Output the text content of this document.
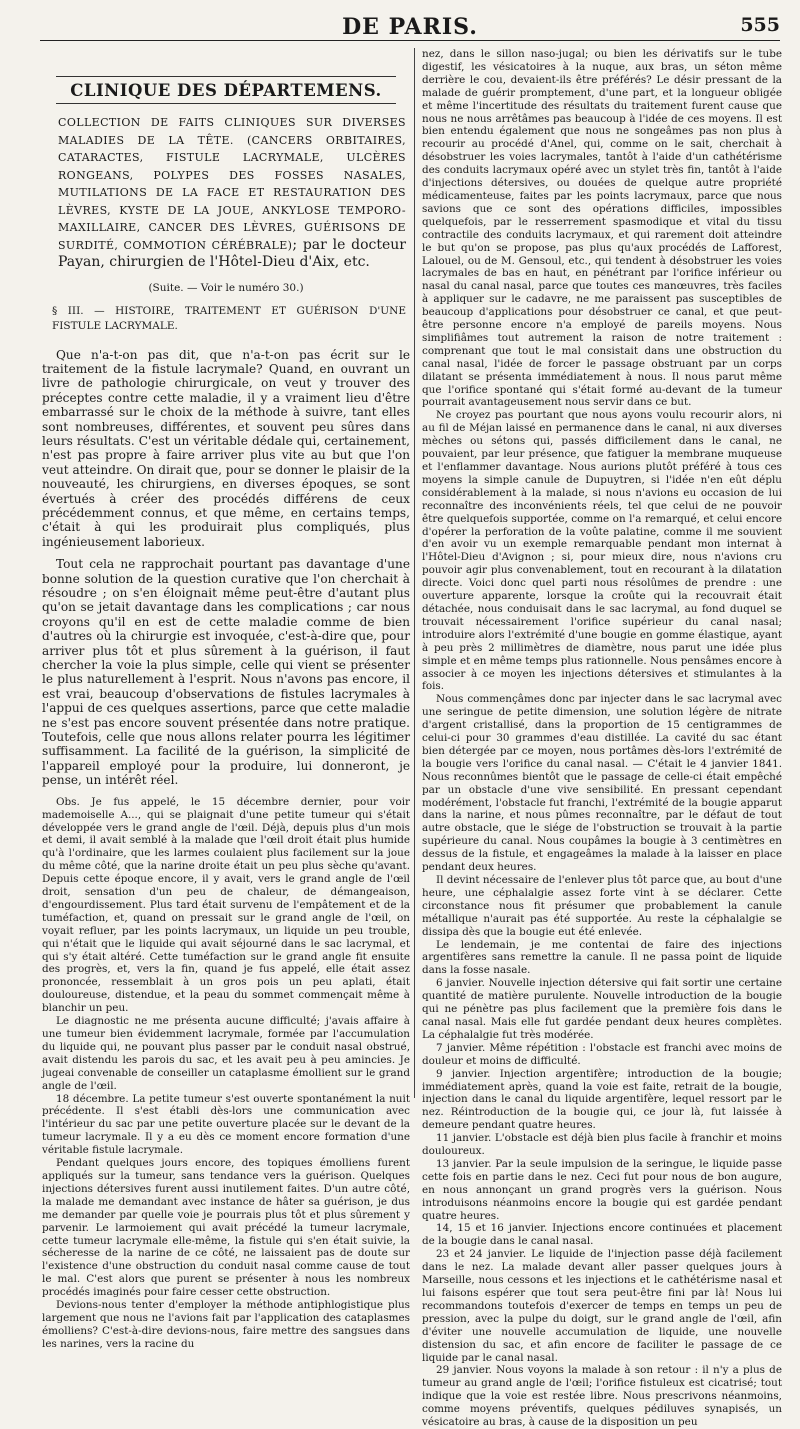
DE PARIS.	555
CLINIQUE DES DÉPARTEMENS.

COLLECTION DE FAITS CLINIQUES SUR DIVERSES MALADIES DE LA TÊTE. (CANCERS ORBITAIRES, CATARACTES, FISTULE LACRYMALE, ULCÈRES RONGEANS, POLYPES DES FOSSES NASALES, MUTILATIONS DE LA FACE ET RESTAURATION DES LÈVRES, KYSTE DE LA JOUE, ANKYLOSE TEMPORO-MAXILLAIRE, CANCER DES LÈVRES, GUÉRISONS DE SURDITÉ, COMMOTION CÉRÉBRALE); par le docteur Payan, chirurgien de l'Hôtel-Dieu d'Aix, etc.

(Suite. — Voir le numéro 30.)
§ III. — HISTOIRE, TRAITEMENT ET GUÉRISON D'UNE FISTULE LACRYMALE.

Que n'a-t-on pas dit, que n'a-t-on pas écrit sur le traitement de la fistule lacrymale? Quand, en ouvrant un livre de pathologie chirurgicale, on veut y trouver des préceptes contre cette maladie, il y a vraiment lieu d'être embarrassé sur le choix de la méthode à suivre, tant elles sont nombreuses, différentes, et souvent peu sûres dans leurs résultats. C'est un véritable dédale qui, certainement, n'est pas propre à faire arriver plus vite au but que l'on veut atteindre. On dirait que, pour se donner le plaisir de la nouveauté, les chirurgiens, en diverses époques, se sont évertués à créer des procédés différens de ceux précédemment connus, et que même, en certains temps, c'était à qui les produirait plus compliqués, plus ingénieusement laborieux.

Tout cela ne rapprochait pourtant pas davantage d'une bonne solution de la question curative que l'on cherchait à résoudre ; on s'en éloignait même peut-être d'autant plus qu'on se jetait davantage dans les complications ; car nous croyons qu'il en est de cette maladie comme de bien d'autres où la chirurgie est invoquée, c'est-à-dire que, pour arriver plus tôt et plus sûrement à la guérison, il faut chercher la voie la plus simple, celle qui vient se présenter le plus naturellement à l'esprit. Nous n'avons pas encore, il est vrai, beaucoup d'observations de fistules lacrymales à l'appui de ces quelques assertions, parce que cette maladie ne s'est pas encore souvent présentée dans notre pratique. Toutefois, celle que nous allons relater pourra les légitimer suffisamment. La facilité de la guérison, la simplicité de l'appareil employé pour la produire, lui donneront, je pense, un intérêt réel.

Obs. Je fus appelé, le 15 décembre dernier, pour voir mademoiselle A..., qui se plaignait d'une petite tumeur qui s'était développée vers le grand angle de l'œil. Déjà, depuis plus d'un mois et demi, il avait semblé à la malade que l'œil droit était plus humide qu'à l'ordinaire, que les larmes coulaient plus facilement sur la joue du même côté, que la narine droite était un peu plus sèche qu'avant. Depuis cette époque encore, il y avait, vers le grand angle de l'œil droit, sensation d'un peu de chaleur, de démangeaison, d'engourdissement. Plus tard était survenu de l'empâtement et de la tuméfaction, et, quand on pressait sur le grand angle de l'œil, on voyait refluer, par les points lacrymaux, un liquide un peu trouble, qui n'était que le liquide qui avait séjourné dans le sac lacrymal, et qui s'y était altéré. Cette tuméfaction sur le grand angle fit ensuite des progrès, et, vers la fin, quand je fus appelé, elle était assez prononcée, ressemblait à un gros pois un peu aplati, était douloureuse, distendue, et la peau du sommet commençait même à blanchir un peu.

Le diagnostic ne me présenta aucune difficulté; j'avais affaire à une tumeur bien évidemment lacrymale, formée par l'accumulation du liquide qui, ne pouvant plus passer par le conduit nasal obstrué, avait distendu les parois du sac, et les avait peu à peu amincies. Je jugeai convenable de conseiller un cataplasme émollient sur le grand angle de l'œil.

18 décembre. La petite tumeur s'est ouverte spontanément la nuit précédente. Il s'est établi dès-lors une communication avec l'intérieur du sac par une petite ouverture placée sur le devant de la tumeur lacrymale. Il y a eu dès ce moment encore formation d'une véritable fistule lacrymale.

Pendant quelques jours encore, des topiques émolliens furent appliqués sur la tumeur, sans tendance vers la guérison. Quelques injections détersives furent aussi inutilement faites. D'un autre côté, la malade me demandant avec instance de hâter sa guérison, je dus me demander par quelle voie je pourrais plus tôt et plus sûrement y parvenir. Le larmoiement qui avait précédé la tumeur lacrymale, cette tumeur lacrymale elle-même, la fistule qui s'en était suivie, la sécheresse de la narine de ce côté, ne laissaient pas de doute sur l'existence d'une obstruction du conduit nasal comme cause de tout le mal. C'est alors que purent se présenter à nous les nombreux procédés imaginés pour faire cesser cette obstruction.

Devions-nous tenter d'employer la méthode antiphlogistique plus largement que nous ne l'avions fait par l'application des cataplasmes émolliens? C'est-à-dire devions-nous, faire mettre des sangsues dans les narines, vers la racine du

nez, dans le sillon naso-jugal; ou bien les dérivatifs sur le tube digestif, les vésicatoires à la nuque, aux bras, un séton même derrière le cou, devaient-ils être préférés? Le désir pressant de la malade de guérir promptement, d'une part, et la longueur obligée et même l'incertitude des résultats du traitement furent cause que nous ne nous arrêtâmes pas beaucoup à l'idée de ces moyens. Il est bien entendu également que nous ne songeâmes pas non plus à recourir au procédé d'Anel, qui, comme on le sait, cherchait à désobstruer les voies lacrymales, tantôt à l'aide d'un cathétérisme des conduits lacrymaux opéré avec un stylet très fin, tantôt à l'aide d'injections détersives, ou douées de quelque autre propriété médicamenteuse, faites par les points lacrymaux, parce que nous savions que ce sont des opérations difficiles, impossibles quelquefois, par le resserrement spasmodique et vital du tissu contractile des conduits lacrymaux, et qui rarement doit atteindre le but qu'on se propose, pas plus qu'aux procédés de Lafforest, Lalouel, ou de M. Gensoul, etc., qui tendent à désobstruer les voies lacrymales de bas en haut, en pénétrant par l'orifice inférieur ou nasal du canal nasal, parce que toutes ces manœuvres, très faciles à appliquer sur le cadavre, ne me paraissent pas susceptibles de beaucoup d'applications pour désobstruer ce canal, et que peut-être personne encore n'a employé de pareils moyens. Nous simplifiâmes tout autrement la raison de notre traitement : comprenant que tout le mal consistait dans une obstruction du canal nasal, l'idée de forcer le passage obstruant par un corps dilatant se présenta immédiatement à nous. Il nous parut même que l'orifice spontané qui s'était formé au-devant de la tumeur pourrait avantageusement nous servir dans ce but.

Ne croyez pas pourtant que nous ayons voulu recourir alors, ni au fil de Méjan laissé en permanence dans le canal, ni aux diverses mèches ou sétons qui, passés difficilement dans le canal, ne pouvaient, par leur présence, que fatiguer la membrane muqueuse et l'enflammer davantage. Nous aurions plutôt préféré à tous ces moyens la simple canule de Dupuytren, si l'idée n'en eût déplu considérablement à la malade, si nous n'avions eu occasion de lui reconnaître des inconvénients réels, tel que celui de ne pouvoir être quelquefois supportée, comme on l'a remarqué, et celui encore d'opérer la perforation de la voûte palatine, comme il me souvient d'en avoir vu un exemple remarquable pendant mon internat à l'Hôtel-Dieu d'Avignon ; si, pour mieux dire, nous n'avions cru pouvoir agir plus convenablement, tout en recourant à la dilatation directe. Voici donc quel parti nous résolûmes de prendre : une ouverture apparente, lorsque la croûte qui la recouvrait était détachée, nous conduisait dans le sac lacrymal, au fond duquel se trouvait nécessairement l'orifice supérieur du canal nasal; introduire alors l'extrémité d'une bougie en gomme élastique, ayant à peu près 2 millimètres de diamètre, nous parut une idée plus simple et en même temps plus rationnelle. Nous pensâmes encore à associer à ce moyen les injections détersives et stimulantes à la fois.

Nous commençâmes donc par injecter dans le sac lacrymal avec une seringue de petite dimension, une solution légère de nitrate d'argent cristallisé, dans la proportion de 15 centigrammes de celui-ci pour 30 grammes d'eau distillée. La cavité du sac étant bien détergée par ce moyen, nous portâmes dès-lors l'extrémité de la bougie vers l'orifice du canal nasal. — C'était le 4 janvier 1841. Nous reconnûmes bientôt que le passage de celle-ci était empêché par un obstacle d'une vive sensibilité. En pressant cependant modérément, l'obstacle fut franchi, l'extrémité de la bougie apparut dans la narine, et nous pûmes reconnaître, par le défaut de tout autre obstacle, que le siége de l'obstruction se trouvait à la partie supérieure du canal. Nous coupâmes la bougie à 3 centimètres en dessus de la fistule, et engageâmes la malade à la laisser en place pendant deux heures.

Il devint nécessaire de l'enlever plus tôt parce que, au bout d'une heure, une céphalalgie assez forte vint à se déclarer. Cette circonstance nous fit présumer que probablement la canule métallique n'aurait pas été supportée. Au reste la céphalalgie se dissipa dès que la bougie eut été enlevée.

Le lendemain, je me contentai de faire des injections argentifères sans remettre la canule. Il ne passa point de liquide dans la fosse nasale.

6 janvier. Nouvelle injection détersive qui fait sortir une certaine quantité de matière purulente. Nouvelle introduction de la bougie qui ne pénètre pas plus facilement que la première fois dans le canal nasal. Mais elle fut gardée pendant deux heures complètes. La céphalalgie fut très modérée.

7 janvier. Même répétition : l'obstacle est franchi avec moins de douleur et moins de difficulté.

9 janvier. Injection argentifère; introduction de la bougie; immédiatement après, quand la voie est faite, retrait de la bougie, injection dans le canal du liquide argentifère, lequel ressort par le nez. Réintroduction de la bougie qui, ce jour là, fut laissée à demeure pendant quatre heures.

11 janvier. L'obstacle est déjà bien plus facile à franchir et moins douloureux.

13 janvier. Par la seule impulsion de la seringue, le liquide passe cette fois en partie dans le nez. Ceci fut pour nous de bon augure, en nous annonçant un grand progrès vers la guérison. Nous introduisons néanmoins encore la bougie qui est gardée pendant quatre heures.

14, 15 et 16 janvier. Injections encore continuées et placement de la bougie dans le canal nasal.

23 et 24 janvier. Le liquide de l'injection passe déjà facilement dans le nez. La malade devant aller passer quelques jours à Marseille, nous cessons et les injections et le cathétérisme nasal et lui faisons espérer que tout sera peut-être fini par là! Nous lui recommandons toutefois d'exercer de temps en temps un peu de pression, avec la pulpe du doigt, sur le grand angle de l'œil, afin d'éviter une nouvelle accumulation de liquide, une nouvelle distension du sac, et afin encore de faciliter le passage de ce liquide par le canal nasal.

29 janvier. Nous voyons la malade à son retour : il n'y a plus de tumeur au grand angle de l'œil; l'orifice fistuleux est cicatrisé; tout indique que la voie est restée libre. Nous prescrivons néanmoins, comme moyens préventifs, quelques pédiluves synapisés, un vésicatoire au bras, à cause de la disposition un peu
